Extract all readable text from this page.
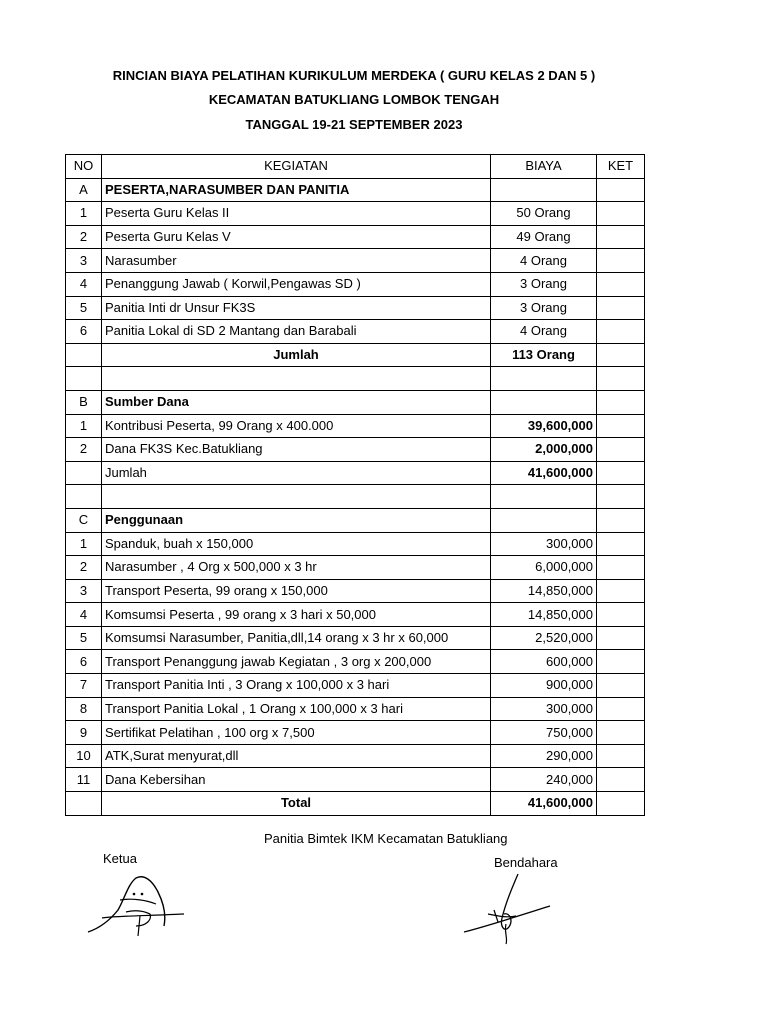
RINCIAN BIAYA PELATIHAN KURIKULUM MERDEKA ( GURU KELAS 2 DAN 5 )
KECAMATAN BATUKLIANG LOMBOK TENGAH
TANGGAL 19-21 SEPTEMBER 2023
NO	KEGIATAN	BIAYA	KET
A	PESERTA,NARASUMBER DAN PANITIA		
1	Peserta Guru Kelas II	50 Orang	
2	Peserta Guru Kelas V	49 Orang	
3	Narasumber	4 Orang	
4	Penanggung Jawab ( Korwil,Pengawas SD )	3 Orang	
5	Panitia Inti dr Unsur FK3S	3 Orang	
6	Panitia Lokal di SD 2 Mantang dan Barabali	4 Orang	
	Jumlah	113 Orang	

B	Sumber Dana		
1	Kontribusi Peserta, 99 Orang x 400.000	39,600,000	
2	Dana FK3S Kec.Batukliang	2,000,000	
	Jumlah	41,600,000	

C	Penggunaan		
1	Spanduk, buah x 150,000	300,000	
2	Narasumber , 4 Org x 500,000 x 3 hr	6,000,000	
3	Transport Peserta, 99 orang x 150,000	14,850,000	
4	Komsumsi Peserta , 99 orang x 3 hari x 50,000	14,850,000	
5	Komsumsi Narasumber, Panitia,dll,14 orang x 3 hr x 60,000	2,520,000	
6	Transport Penanggung jawab Kegiatan , 3 org x 200,000	600,000	
7	Transport Panitia Inti , 3 Orang x 100,000 x 3 hari	900,000	
8	Transport Panitia Lokal , 1 Orang x 100,000 x 3 hari	300,000	
9	Sertifikat Pelatihan , 100 org x 7,500	750,000	
10	ATK,Surat menyurat,dll	290,000	
11	Dana Kebersihan	240,000	
	Total	41,600,000	
Panitia Bimtek IKM Kecamatan Batukliang
Ketua	Bendahara
